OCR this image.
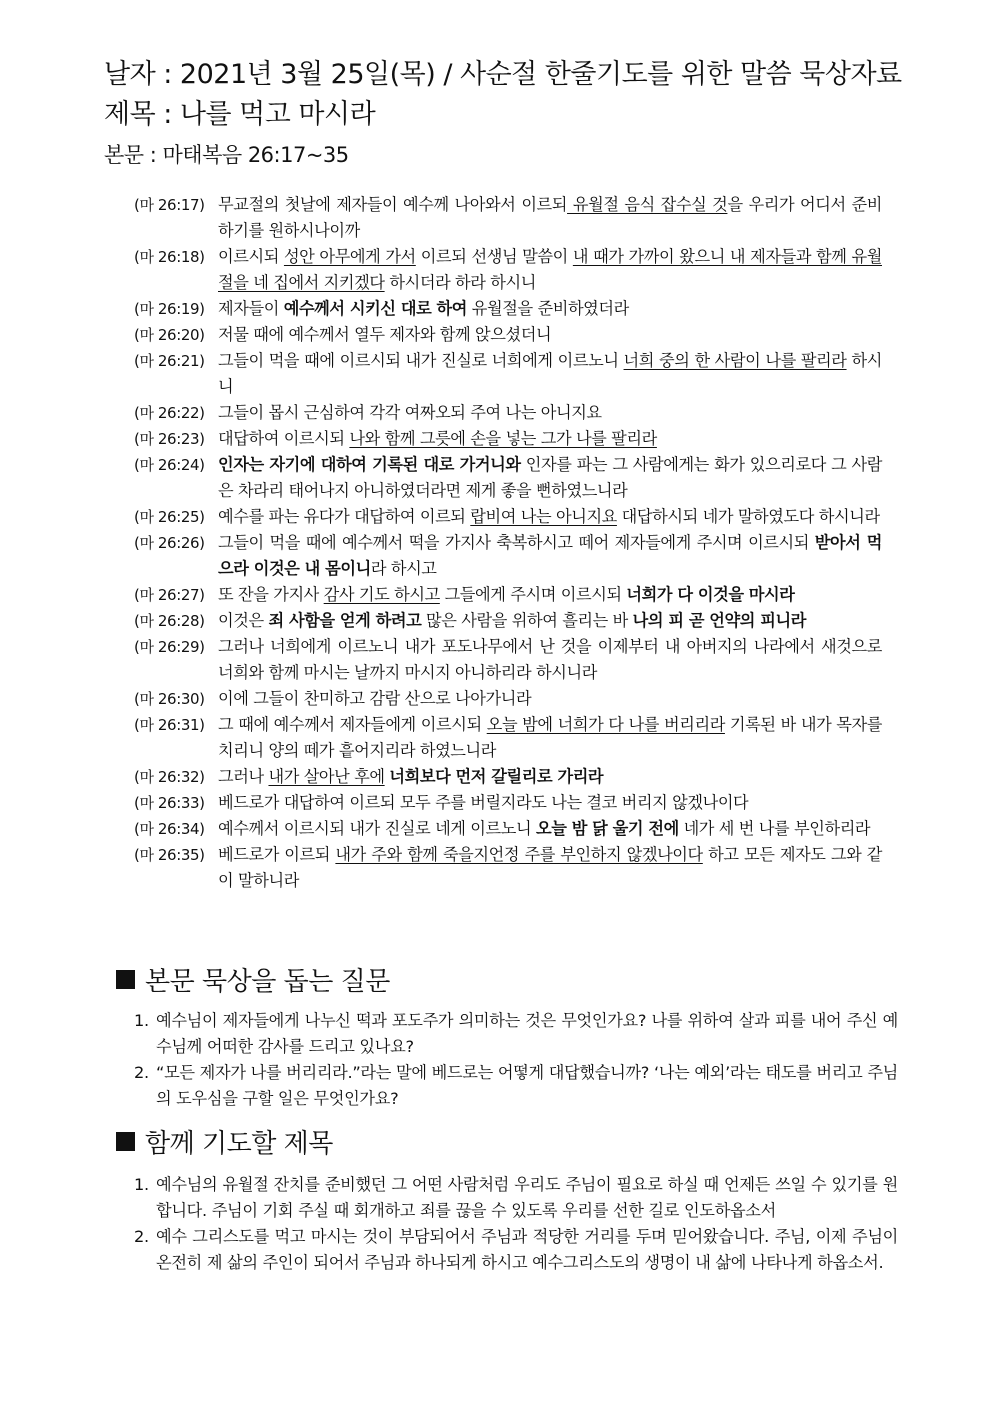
날자 : 2021년 3월 25일(목) / 사순절 한줄기도를 위한 말씀 묵상자료
제목 : 나를 먹고 마시라
본문 : 마태복음 26:17~35
(마 26:17) 무교절의 첫날에 제자들이 예수께 나아와서 이르되 유월절 음식 잡수실 것을 우리가 어디서 준비하기를 원하시나이까
(마 26:18) 이르시되 성안 아무에게 가서 이르되 선생님 말씀이 내 때가 가까이 왔으니 내 제자들과 함께 유월절을 네 집에서 지키겠다 하시더라 하라 하시니
(마 26:19) 제자들이 예수께서 시키신 대로 하여 유월절을 준비하였더라
(마 26:20) 저물 때에 예수께서 열두 제자와 함께 앉으셨더니
(마 26:21) 그들이 먹을 때에 이르시되 내가 진실로 너희에게 이르노니 너희 중의 한 사람이 나를 팔리라 하시니
(마 26:22) 그들이 몹시 근심하여 각각 여짜오되 주여 나는 아니지요
(마 26:23) 대답하여 이르시되 나와 함께 그릇에 손을 넣는 그가 나를 팔리라
(마 26:24) 인자는 자기에 대하여 기록된 대로 가거니와 인자를 파는 그 사람에게는 화가 있으리로다 그 사람은 차라리 태어나지 아니하였더라면 제게 좋을 뻔하였느니라
(마 26:25) 예수를 파는 유다가 대답하여 이르되 랍비여 나는 아니지요 대답하시되 네가 말하였도다 하시니라
(마 26:26) 그들이 먹을 때에 예수께서 떡을 가지사 축복하시고 떼어 제자들에게 주시며 이르시되 받아서 먹으라 이것은 내 몸이니라 하시고
(마 26:27) 또 잔을 가지사 감사 기도 하시고 그들에게 주시며 이르시되 너희가 다 이것을 마시라
(마 26:28) 이것은 죄 사함을 얻게 하려고 많은 사람을 위하여 흘리는 바 나의 피 곧 언약의 피니라
(마 26:29) 그러나 너희에게 이르노니 내가 포도나무에서 난 것을 이제부터 내 아버지의 나라에서 새것으로 너희와 함께 마시는 날까지 마시지 아니하리라 하시니라
(마 26:30) 이에 그들이 찬미하고 감람 산으로 나아가니라
(마 26:31) 그 때에 예수께서 제자들에게 이르시되 오늘 밤에 너희가 다 나를 버리리라 기록된 바 내가 목자를 치리니 양의 떼가 흩어지리라 하였느니라
(마 26:32) 그러나 내가 살아난 후에 너희보다 먼저 갈릴리로 가리라
(마 26:33) 베드로가 대답하여 이르되 모두 주를 버릴지라도 나는 결코 버리지 않겠나이다
(마 26:34) 예수께서 이르시되 내가 진실로 네게 이르노니 오늘 밤 닭 울기 전에 네가 세 번 나를 부인하리라
(마 26:35) 베드로가 이르되 내가 주와 함께 죽을지언정 주를 부인하지 않겠나이다 하고 모든 제자도 그와 같이 말하니라
본문 묵상을 돕는 질문
1. 예수님이 제자들에게 나누신 떡과 포도주가 의미하는 것은 무엇인가요? 나를 위하여 살과 피를 내어 주신 예수님께 어떠한 감사를 드리고 있나요?
2. “모든 제자가 나를 버리리라.”라는 말에 베드로는 어떻게 대답했습니까? ‘나는 예외’라는 태도를 버리고 주님의 도우심을 구할 일은 무엇인가요?
함께 기도할 제목
1. 예수님의 유월절 잔치를 준비했던 그 어떤 사람처럼 우리도 주님이 필요로 하실 때 언제든 쓰일 수 있기를 원합니다. 주님이 기회 주실 때 회개하고 죄를 끊을 수 있도록 우리를 선한 길로 인도하옵소서
2. 예수 그리스도를 먹고 마시는 것이 부담되어서 주님과 적당한 거리를 두며 믿어왔습니다. 주님, 이제 주님이 온전히 제 삶의 주인이 되어서 주님과 하나되게 하시고 예수그리스도의 생명이 내 삶에 나타나게 하옵소서.
